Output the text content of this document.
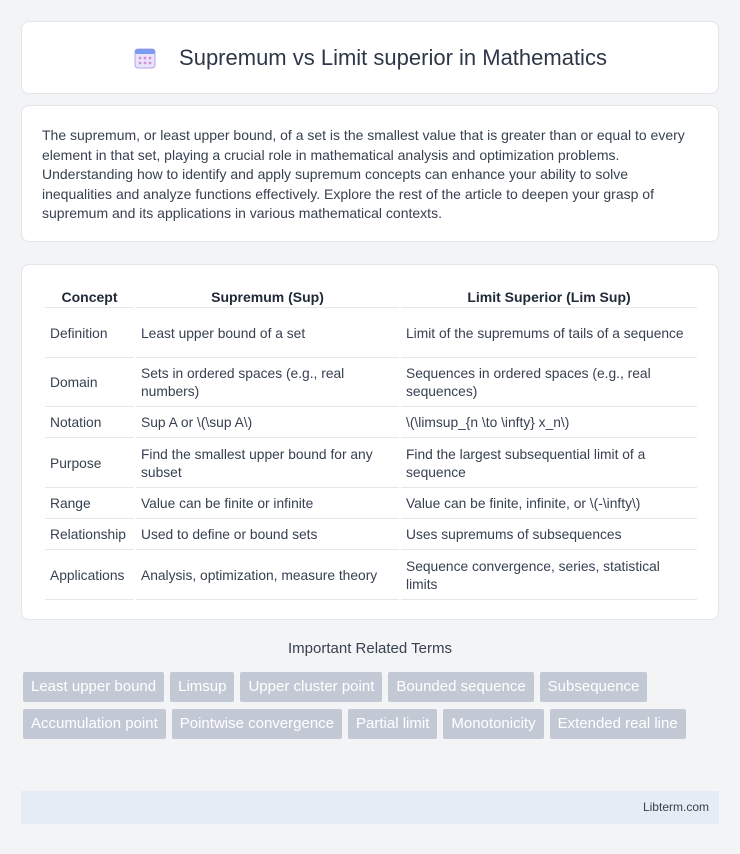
Supremum vs Limit superior in Mathematics

The supremum, or least upper bound, of a set is the smallest value that is greater than or equal to every element in that set, playing a crucial role in mathematical analysis and optimization problems. Understanding how to identify and apply supremum concepts can enhance your ability to solve inequalities and analyze functions effectively. Explore the rest of the article to deepen your grasp of supremum and its applications in various mathematical contexts.

Concept	Supremum (Sup)	Limit Superior (Lim Sup)
Definition	Least upper bound of a set	Limit of the supremums of tails of a sequence
Domain	Sets in ordered spaces (e.g., real numbers)	Sequences in ordered spaces (e.g., real sequences)
Notation	Sup A or \(\sup A\)	\(\limsup_{n \to \infty} x_n\)
Purpose	Find the smallest upper bound for any subset	Find the largest subsequential limit of a sequence
Range	Value can be finite or infinite	Value can be finite, infinite, or \(-\infty\)
Relationship	Used to define or bound sets	Uses supremums of subsequences
Applications	Analysis, optimization, measure theory	Sequence convergence, series, statistical limits
Important Related Terms
Least upper bound	Limsup	Upper cluster point	Bounded sequence	Subsequence
Accumulation point	Pointwise convergence	Partial limit	Monotonicity	Extended real line
Libterm.com
